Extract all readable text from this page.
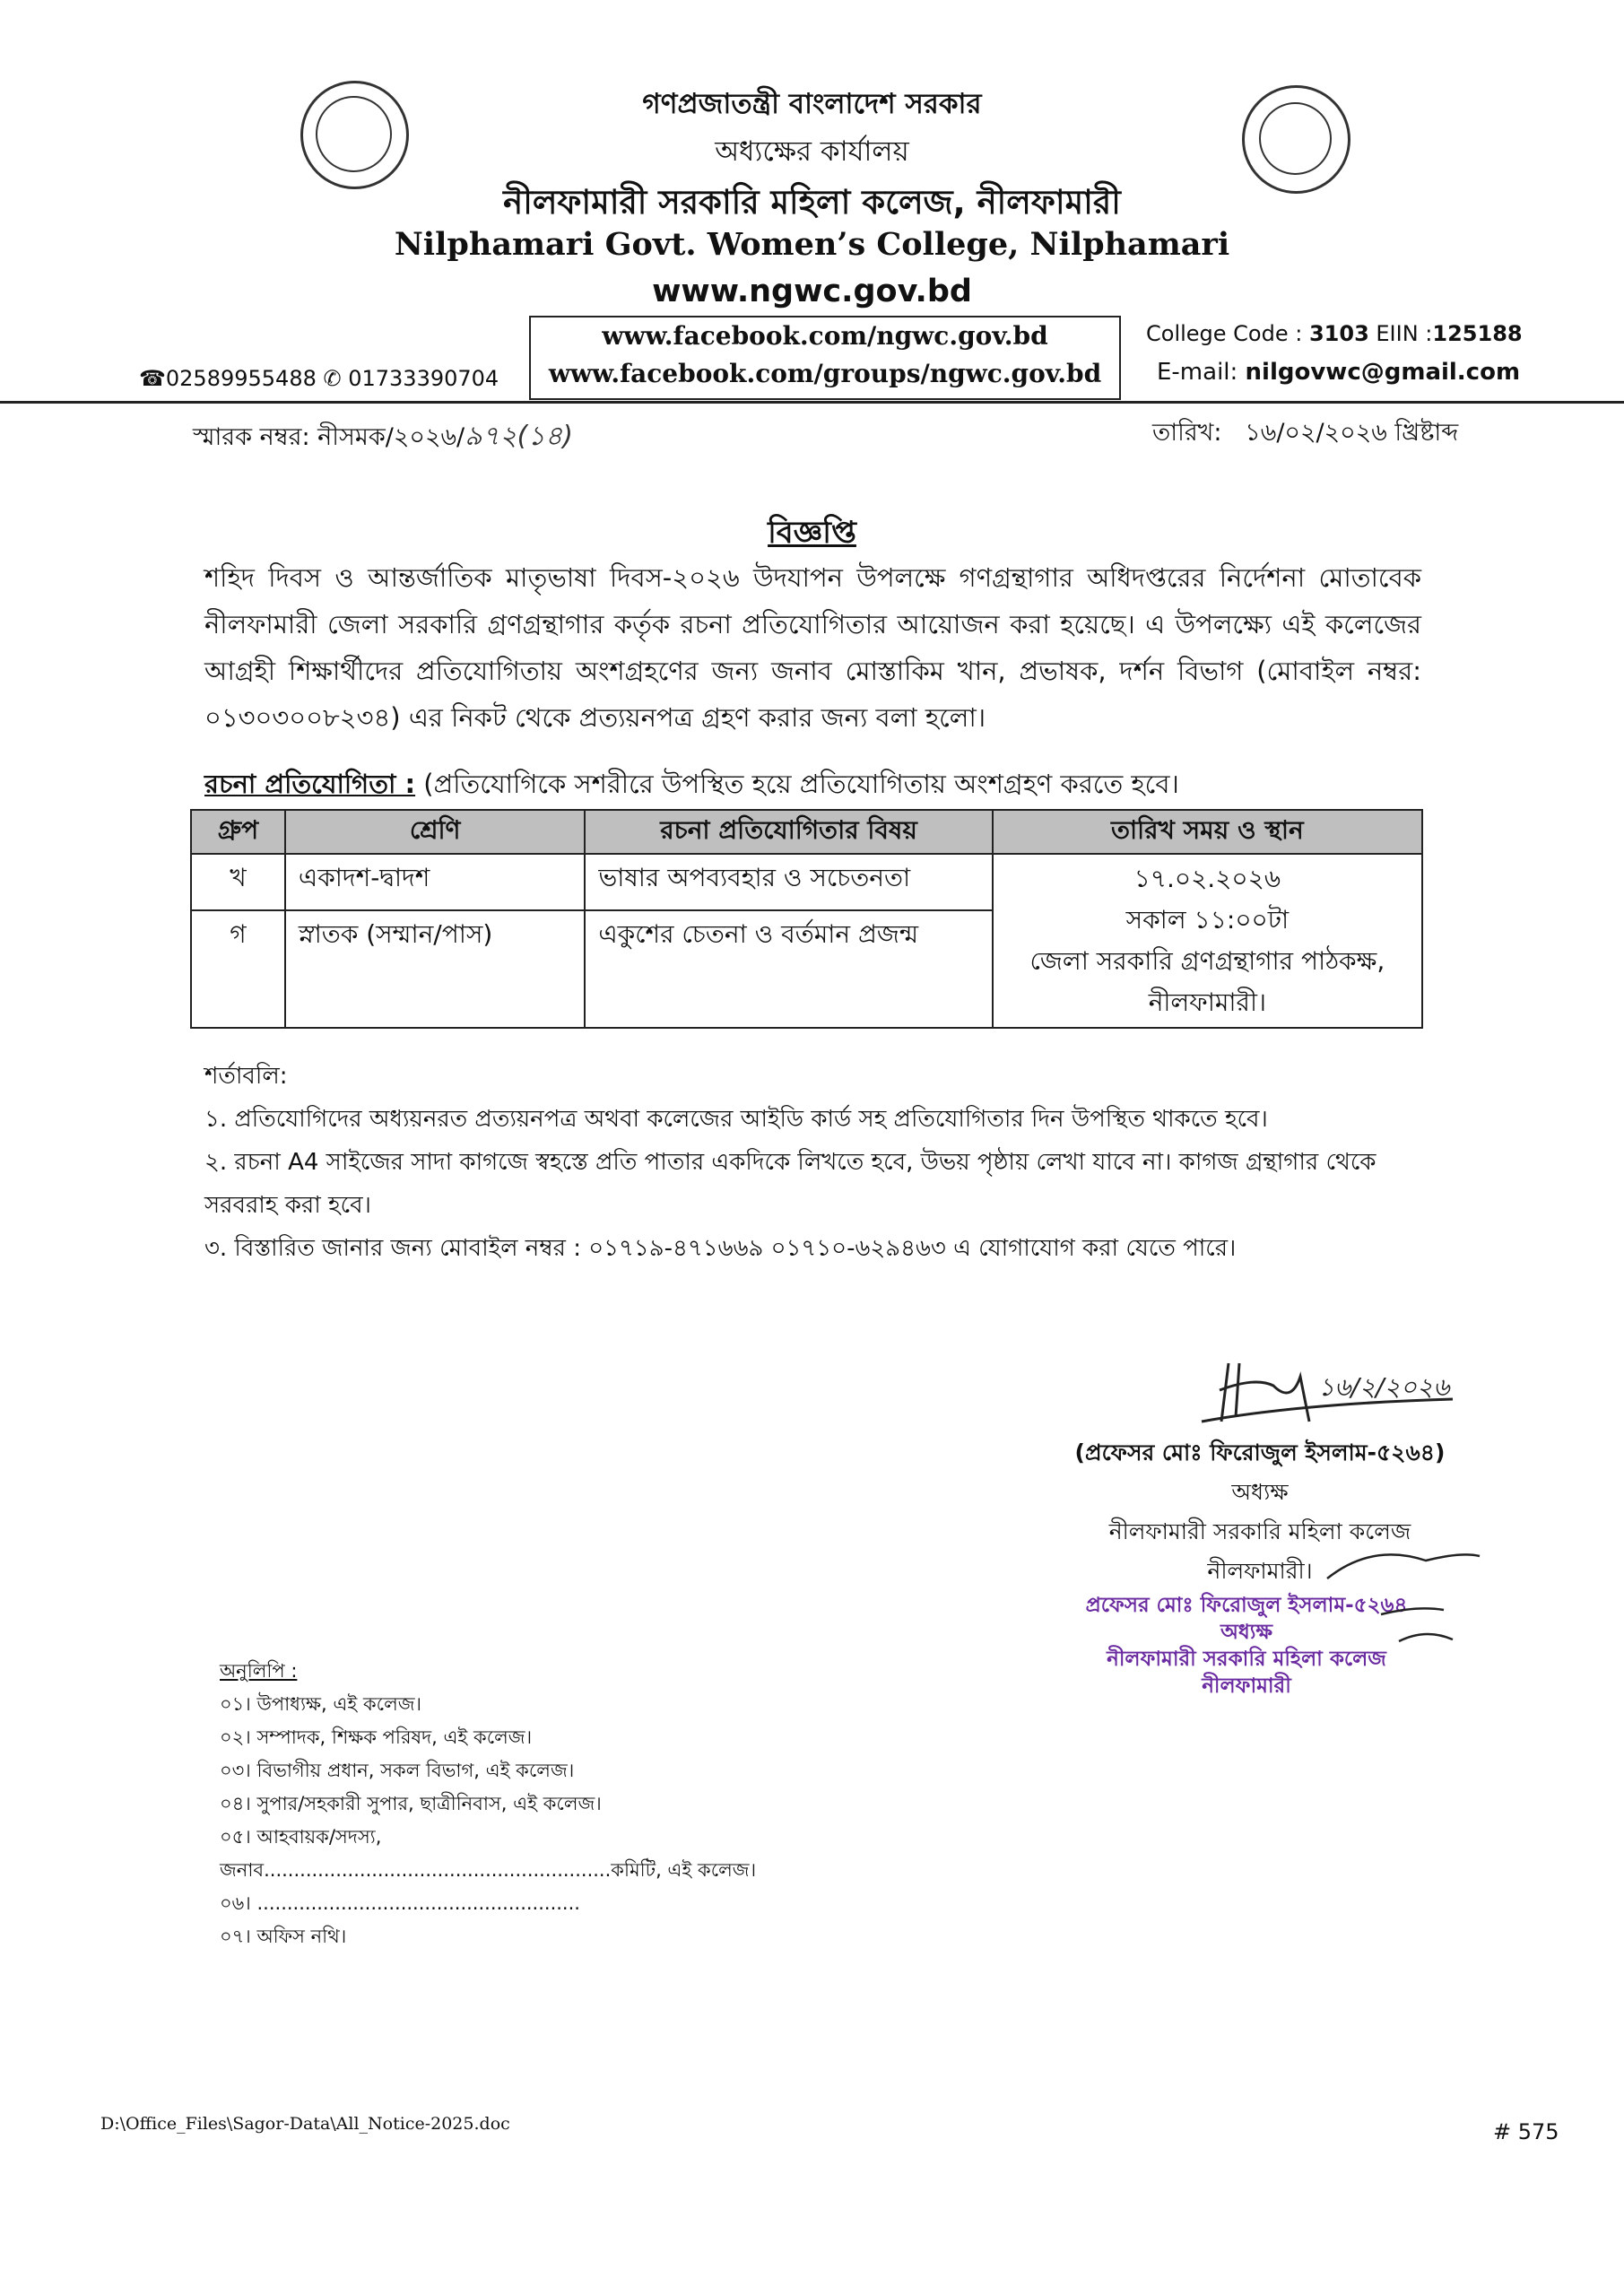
গণপ্রজাতন্ত্রী বাংলাদেশ সরকার
অধ্যক্ষের কার্যালয়
নীলফামারী সরকারি মহিলা কলেজ, নীলফামারী
Nilphamari Govt. Women’s College, Nilphamari
www.ngwc.gov.bd
www.facebook.com/ngwc.gov.bd
www.facebook.com/groups/ngwc.gov.bd
☎02589955488 ✆ 01733390704
College Code : 3103 EIIN :125188
E-mail: nilgovwc@gmail.com
স্মারক নম্বর: নীসমক/২০২৬/৯৭২(১৪)	তারিখ: ১৬/০২/২০২৬ খ্রিষ্টাব্দ
বিজ্ঞপ্তি
শহিদ দিবস ও আন্তর্জাতিক মাতৃভাষা দিবস-২০২৬ উদযাপন উপলক্ষে গণগ্রন্থাগার অধিদপ্তরের নির্দেশনা মোতাবেক নীলফামারী জেলা সরকারি গ্রণগ্রন্থাগার কর্তৃক রচনা প্রতিযোগিতার আয়োজন করা হয়েছে। এ উপলক্ষ্যে এই কলেজের আগ্রহী শিক্ষার্থীদের প্রতিযোগিতায় অংশগ্রহণের জন্য জনাব মোস্তাকিম খান, প্রভাষক, দর্শন বিভাগ (মোবাইল নম্বর: ০১৩০৩০০৮২৩৪) এর নিকট থেকে প্রত্যয়নপত্র গ্রহণ করার জন্য বলা হলো।
রচনা প্রতিযোগিতা : (প্রতিযোগিকে সশরীরে উপস্থিত হয়ে প্রতিযোগিতায় অংশগ্রহণ করতে হবে।
গ্রুপ	শ্রেণি	রচনা প্রতিযোগিতার বিষয়	তারিখ সময় ও স্থান
খ	একাদশ-দ্বাদশ	ভাষার অপব্যবহার ও সচেতনতা	১৭.০২.২০২৬
সকাল ১১:০০টা
জেলা সরকারি গ্রণগ্রন্থাগার পাঠকক্ষ,
নীলফামারী।

গ	স্নাতক (সম্মান/পাস)	একুশের চেতনা ও বর্তমান প্রজন্ম	
শর্তাবলি:
১. প্রতিযোগিদের অধ্যয়নরত প্রত্যয়নপত্র অথবা কলেজের আইডি কার্ড সহ প্রতিযোগিতার দিন উপস্থিত থাকতে হবে।
২. রচনা A4 সাইজের সাদা কাগজে স্বহস্তে প্রতি পাতার একদিকে লিখতে হবে, উভয় পৃষ্ঠায় লেখা যাবে না। কাগজ গ্রন্থাগার থেকে
সরবরাহ করা হবে।
৩. বিস্তারিত জানার জন্য মোবাইল নম্বর : ০১৭১৯-৪৭১৬৬৯ ০১৭১০-৬২৯৪৬৩ এ যোগাযোগ করা যেতে পারে।
১৬/২/২০২৬
(প্রফেসর মোঃ ফিরোজুল ইসলাম-৫২৬৪)
অধ্যক্ষ
নীলফামারী সরকারি মহিলা কলেজ
নীলফামারী।
প্রফেসর মোঃ ফিরোজুল ইসলাম-৫২৬৪
অধ্যক্ষ
নীলফামারী সরকারি মহিলা কলেজ
নীলফামারী
অনুলিপি :
০১। উপাধ্যক্ষ, এই কলেজ।
০২। সম্পাদক, শিক্ষক পরিষদ, এই কলেজ।
০৩। বিভাগীয় প্রধান, সকল বিভাগ, এই কলেজ।
০৪। সুপার/সহকারী সুপার, ছাত্রীনিবাস, এই কলেজ।
০৫। আহবায়ক/সদস্য,
জনাব..........................................................কমিটি, এই কলেজ।
০৬। ......................................................
০৭। অফিস নথি।
D:\Office_Files\Sagor-Data\All_Notice-2025.doc	# 575
